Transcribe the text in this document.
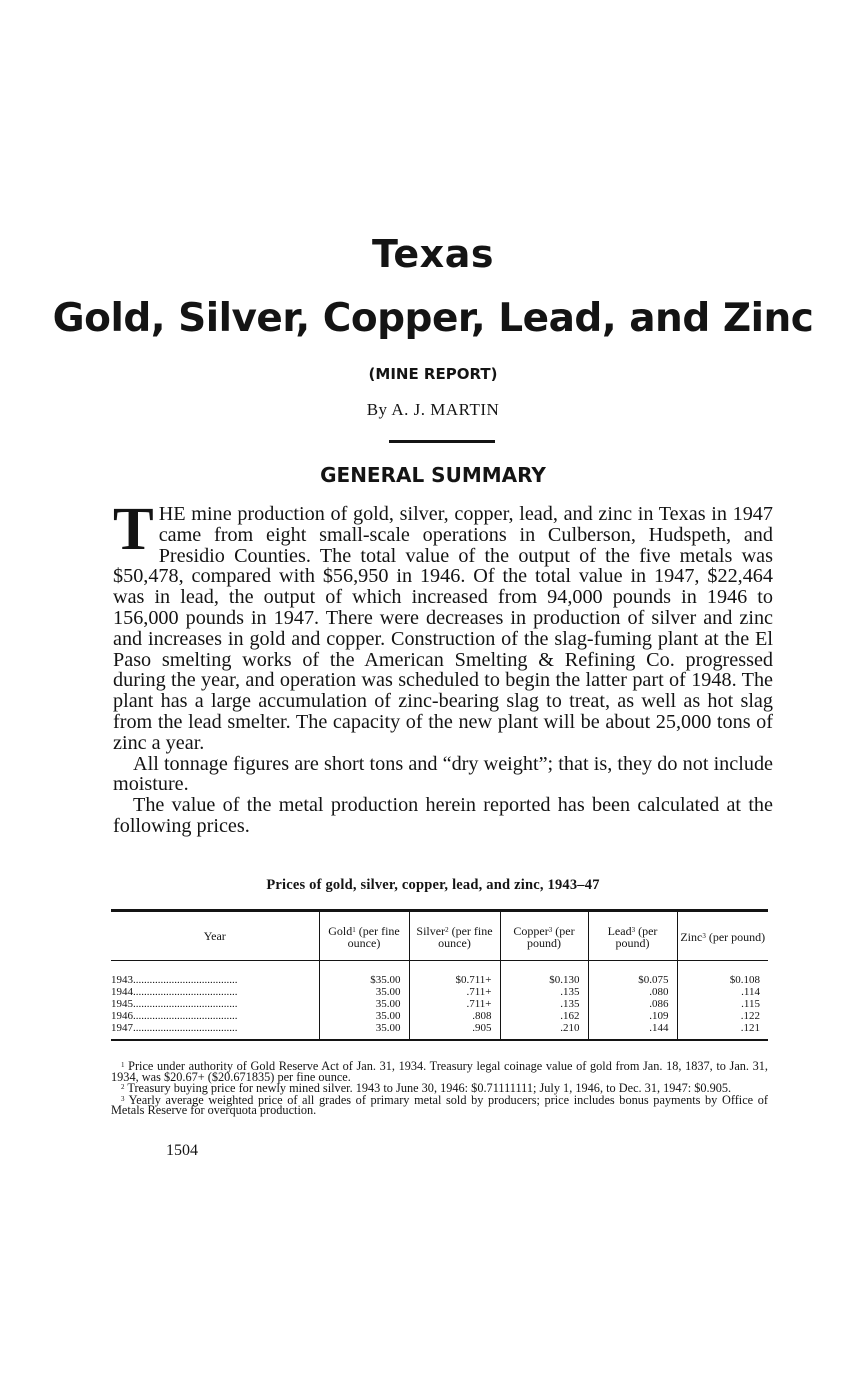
Texas
Gold, Silver, Copper, Lead, and Zinc
(MINE REPORT)
By A. J. MARTIN
GENERAL SUMMARY

THE mine production of gold, silver, copper, lead, and zinc in Texas in 1947 came from eight small-scale operations in Culberson, Hudspeth, and Presidio Counties. The total value of the output of the five metals was $50,478, compared with $56,950 in 1946. Of the total value in 1947, $22,464 was in lead, the output of which increased from 94,000 pounds in 1946 to 156,000 pounds in 1947. There were decreases in production of silver and zinc and increases in gold and copper. Construction of the slag-fuming plant at the El Paso smelting works of the American Smelting & Refining Co. progressed during the year, and operation was scheduled to begin the latter part of 1948. The plant has a large accumulation of zinc-bearing slag to treat, as well as hot slag from the lead smelter. The capacity of the new plant will be about 25,000 tons of zinc a year.

All tonnage figures are short tons and “dry weight”; that is, they do not include moisture.

The value of the metal production herein reported has been calculated at the following prices.

Prices of gold, silver, copper, lead, and zinc, 1943–47
Year	Gold$^1$ (per fine ounce)	Silver$^2$ (per fine ounce)	Copper$^3$ (per pound)	Lead$^3$ (per pound)	Zinc$^3$ (per pound)
1943......................................	$35.00	$0.711+	$0.130	$0.075	$0.108
1944......................................	35.00	.711+	.135	.080	.114
1945......................................	35.00	.711+	.135	.086	.115
1946......................................	35.00	.808	.162	.109	.122
1947......................................	35.00	.905	.210	.144	.121

$^1$ Price under authority of Gold Reserve Act of Jan. 31, 1934. Treasury legal coinage value of gold from Jan. 18, 1837, to Jan. 31, 1934, was $20.67+ ($20.671835) per fine ounce.

$^2$ Treasury buying price for newly mined silver. 1943 to June 30, 1946: $0.71111111; July 1, 1946, to Dec. 31, 1947: $0.905.

$^3$ Yearly average weighted price of all grades of primary metal sold by producers; price includes bonus payments by Office of Metals Reserve for overquota production.

1504
